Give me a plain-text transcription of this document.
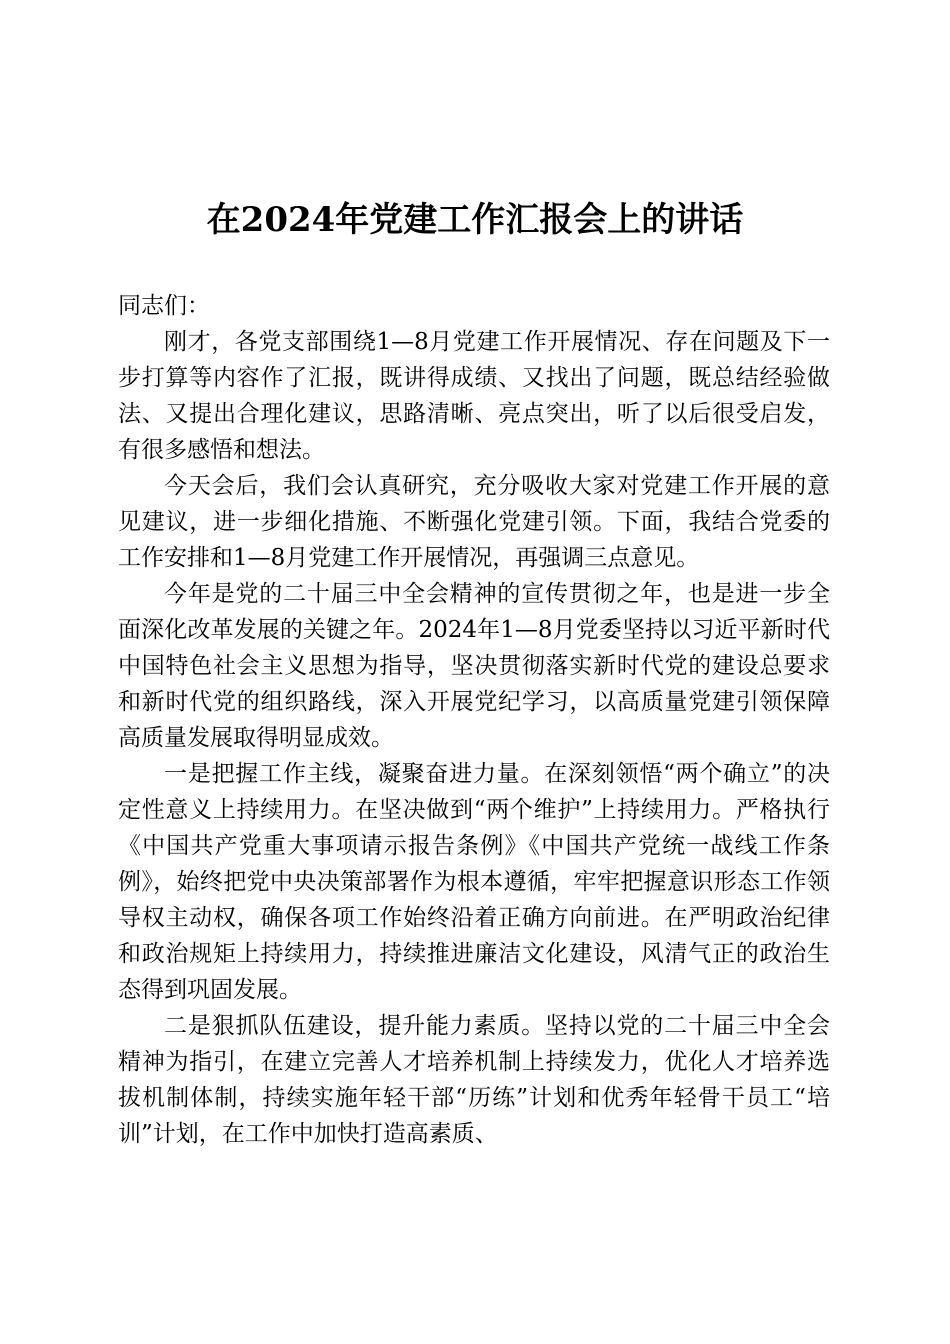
在2024年党建工作汇报会上的讲话

同志们：

刚才，各党支部围绕1—8月党建工作开展情况、存在问题及下一步打算等内容作了汇报，既讲得成绩、又找出了问题，既总结经验做法、又提出合理化建议，思路清晰、亮点突出，听了以后很受启发，有很多感悟和想法。

今天会后，我们会认真研究，充分吸收大家对党建工作开展的意见建议，进一步细化措施、不断强化党建引领。下面，我结合党委的工作安排和1—8月党建工作开展情况，再强调三点意见。

今年是党的二十届三中全会精神的宣传贯彻之年，也是进一步全面深化改革发展的关键之年。2024年1—8月党委坚持以习近平新时代中国特色社会主义思想为指导，坚决贯彻落实新时代党的建设总要求和新时代党的组织路线，深入开展党纪学习，以高质量党建引领保障高质量发展取得明显成效。

一是把握工作主线，凝聚奋进力量。在深刻领悟“两个确立”的决定性意义上持续用力。在坚决做到“两个维护”上持续用力。严格执行《中国共产党重大事项请示报告条例》《中国共产党统一战线工作条例》，始终把党中央决策部署作为根本遵循，牢牢把握意识形态工作领导权主动权，确保各项工作始终沿着正确方向前进。在严明政治纪律和政治规矩上持续用力，持续推进廉洁文化建设，风清气正的政治生态得到巩固发展。

二是狠抓队伍建设，提升能力素质。坚持以党的二十届三中全会精神为指引，在建立完善人才培养机制上持续发力，优化人才培养选拔机制体制，持续实施年轻干部“历练”计划和优秀年轻骨干员工“培训”计划，在工作中加快打造高素质、
